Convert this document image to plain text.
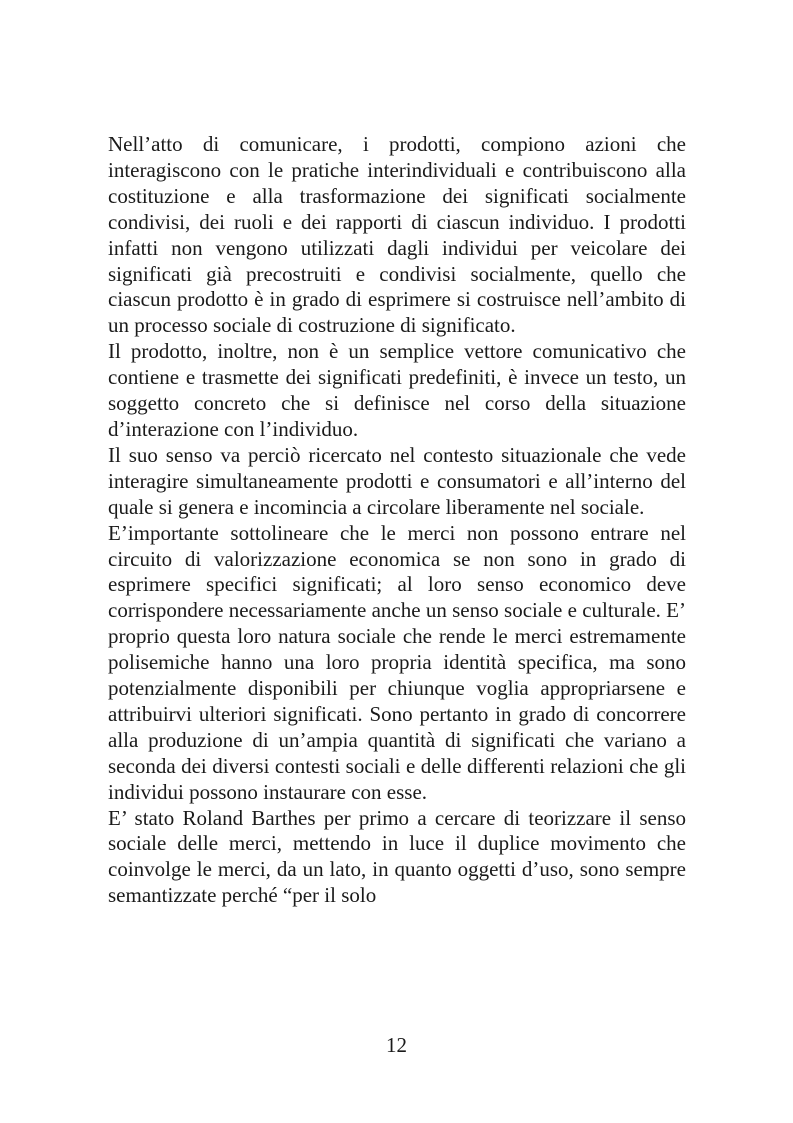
Nell’atto di comunicare, i prodotti, compiono azioni che interagiscono con le pratiche interindividuali e contribuiscono alla costituzione e alla trasformazione dei significati socialmente condivisi, dei ruoli e dei rapporti di ciascun individuo. I prodotti infatti non vengono utilizzati dagli individui per veicolare dei significati già precostruiti e condivisi socialmente, quello che ciascun prodotto è in grado di esprimere si costruisce nell’ambito di un processo sociale di costruzione di significato.

Il prodotto, inoltre, non è un semplice vettore comunicativo che contiene e trasmette dei significati predefiniti, è invece un testo, un soggetto concreto che si definisce nel corso della situazione d’interazione con l’individuo.

Il suo senso va perciò ricercato nel contesto situazionale che vede interagire simultaneamente prodotti e consumatori e all’interno del quale si genera e incomincia a circolare liberamente nel sociale.

E’importante sottolineare che le merci non possono entrare nel circuito di valorizzazione economica se non sono in grado di esprimere specifici significati; al loro senso economico deve corrispondere necessariamente anche un senso sociale e culturale. E’ proprio questa loro natura sociale che rende le merci estremamente polisemiche hanno una loro propria identità specifica, ma sono potenzialmente disponibili per chiunque voglia appropriarsene e attribuirvi ulteriori significati. Sono pertanto in grado di concorrere alla produzione di un’ampia quantità di significati che variano a seconda dei diversi contesti sociali e delle differenti relazioni che gli individui possono instaurare con esse.

E’ stato Roland Barthes per primo a cercare di teorizzare il senso sociale delle merci, mettendo in luce il duplice movimento che coinvolge le merci, da un lato, in quanto oggetti d’uso, sono sempre semantizzate perché “per il solo

12
